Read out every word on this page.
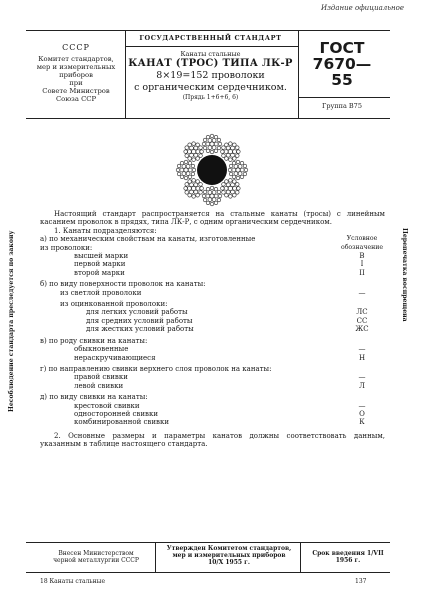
Издание официальное
СССР
Комитет стандартов,
мер и измерительных
приборов
при
Совете Министров
Союза ССР
ГОСУДАРСТВЕННЫЙ СТАНДАРТ
Канаты стальные
КАНАТ (ТРОС) ТИПА ЛК-Р
8×19=152 проволоки
с органическим сердечником.
(Прядь 1+6+6, 6)
ГОСТ
7670—55
Группа В75
Несоблюдение стандарта преследуется по закону	Перепечатка воспрещена

Настоящий стандарт распространяется на стальные канаты (тросы) с линейным касанием проволок в прядях, типа ЛК-Р, с одним органическим сердечником.

1. Канаты подразделяются:

а) по механическим свойствам на канаты, изготовленные	Условное
из проволоки:	обозначение
высшей марки	В
первой марки	I
второй марки	II
б) по виду поверхности проволок на канаты:
из светлой проволоки	—
из оцинкованной проволоки:
для легких условий работы	ЛС
для средних условий работы	СС
для жестких условий работы	ЖС
в) по роду свивки на канаты:
обыкновенные	—
нераскручивающиеся	Н
г) по направлению свивки верхнего слоя проволок на канаты:
правой свивки	—
левой свивки	Л
д) по виду свивки на канаты:
крестовой свивки	—
односторонней свивки	О
комбинированной свивки	К

2. Основные размеры и параметры канатов должны соответствовать данным, указанным в таблице настоящего стандарта.

Внесен Министерством
черной металлургии СССР
Утвержден Комитетом стандартов,
мер и измерительных приборов
10/X 1955 г.
Срок введения 1/VII 1956 г.
18 Канаты стальные	137
